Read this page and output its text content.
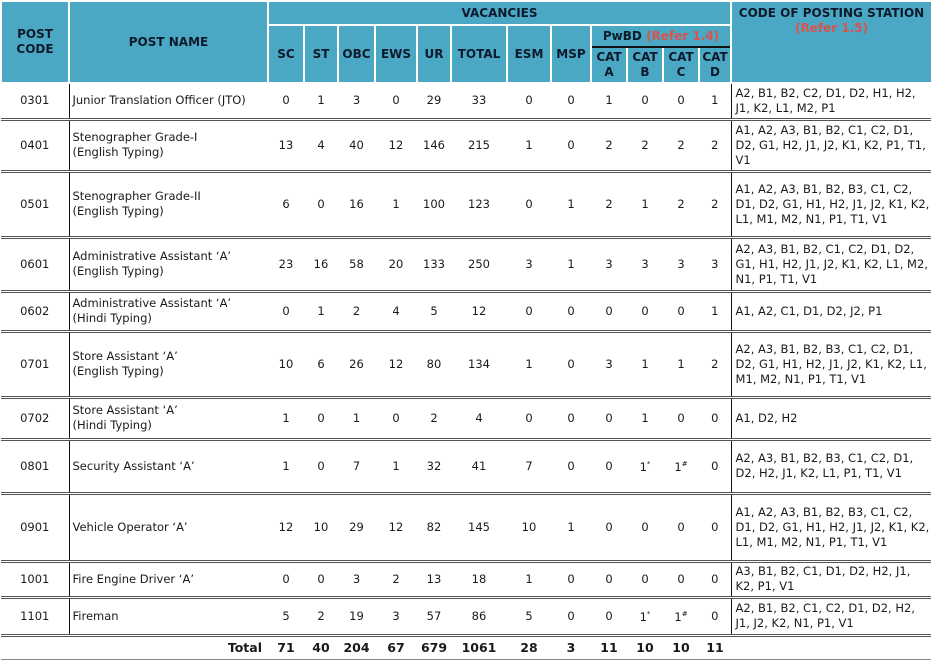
POST CODE	POST NAME	VACANCIES												CODE OF POSTING STATION
(Refer 1.5)
		SC	ST	OBC	EWS	UR	TOTAL	ESM	MSP	PwBD (Refer 1.4)				
										CAT A	CAT B	CAT C	CAT D	
0301	Junior Translation Officer (JTO)	0	1	3	0	29	33	0	0	1	0	0	1	A2, B1, B2, C2, D1, D2, H1, H2, J1, K2, L1, M2, P1
0401	Stenographer Grade-I
(English Typing)	13	4	40	12	146	215	1	0	2	2	2	2	A1, A2, A3, B1, B2, C1, C2, D1, D2, G1, H2, J1, J2, K1, K2, P1, T1, V1
0501	Stenographer Grade-II
(English Typing)	6	0	16	1	100	123	0	1	2	1	2	2	A1, A2, A3, B1, B2, B3, C1, C2, D1, D2, G1, H1, H2, J1, J2, K1, K2, L1, M1, M2, N1, P1, T1, V1
0601	Administrative Assistant ‘A’
(English Typing)	23	16	58	20	133	250	3	1	3	3	3	3	A2, A3, B1, B2, C1, C2, D1, D2, G1, H1, H2, J1, J2, K1, K2, L1, M2, N1, P1, T1, V1
0602	Administrative Assistant ‘A’
(Hindi Typing)	0	1	2	4	5	12	0	0	0	0	0	1	A1, A2, C1, D1, D2, J2, P1
0701	Store Assistant ‘A’
(English Typing)	10	6	26	12	80	134	1	0	3	1	1	2	A2, A3, B1, B2, B3, C1, C2, D1, D2, G1, H1, H2, J1, J2, K1, K2, L1, M1, M2, N1, P1, T1, V1
0702	Store Assistant ‘A’
(Hindi Typing)	1	0	1	0	2	4	0	0	0	1	0	0	A1, D2, H2
0801	Security Assistant ‘A’	1	0	7	1	32	41	7	0	0	1*	1#	0	A2, A3, B1, B2, B3, C1, C2, D1, D2, H2, J1, K2, L1, P1, T1, V1
0901	Vehicle Operator ‘A’	12	10	29	12	82	145	10	1	0	0	0	0	A1, A2, A3, B1, B2, B3, C1, C2, D1, D2, G1, H1, H2, J1, J2, K1, K2, L1, M1, M2, N1, P1, T1, V1
1001	Fire Engine Driver ‘A’	0	0	3	2	13	18	1	0	0	0	0	0	A3, B1, B2, C1, D1, D2, H2, J1, K2, P1, V1
1101	Fireman	5	2	19	3	57	86	5	0	0	1*	1#	0	A2, B1, B2, C1, C2, D1, D2, H2, J1, J2, K2, N1, P1, V1
Total		71	40	204	67	679	1061	28	3	11	10	10	11	
